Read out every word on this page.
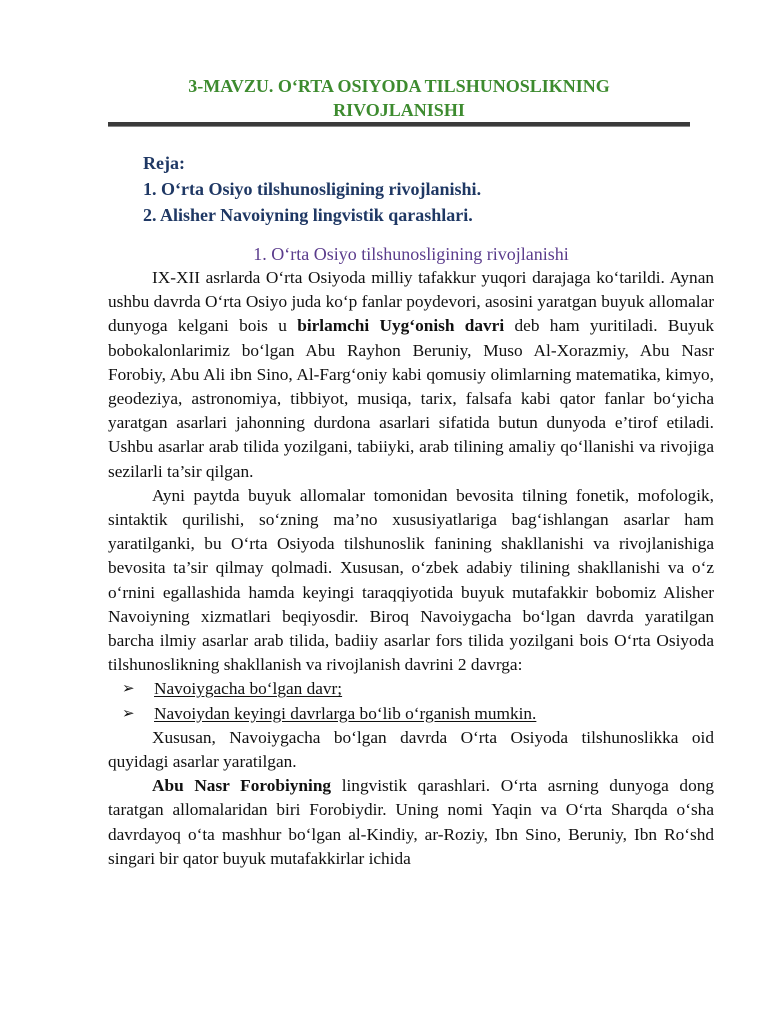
3-MAVZU. O‘RTA OSIYODA TILSHUNOSLIKNING
RIVOJLANISHI
Reja:
1. O‘rta Osiyo tilshunosligining rivojlanishi.
2. Alisher Navoiyning lingvistik qarashlari.
1. O‘rta Osiyo tilshunosligining rivojlanishi

IX-XII asrlarda O‘rta Osiyoda milliy tafakkur yuqori darajaga ko‘tarildi. Aynan ushbu davrda O‘rta Osiyo juda ko‘p fanlar poydevori, asosini yaratgan buyuk allomalar dunyoga kelgani bois u birlamchi Uyg‘onish davri deb ham yuritiladi. Buyuk bobokalonlarimiz bo‘lgan Abu Rayhon Beruniy, Muso Al-Xorazmiy, Abu Nasr Forobiy, Abu Ali ibn Sino, Al-Farg‘oniy kabi qomusiy olimlarning matematika, kimyo, geodeziya, astronomiya, tibbiyot, musiqa, tarix, falsafa kabi qator fanlar bo‘yicha yaratgan asarlari jahonning durdona asarlari sifatida butun dunyoda e’tirof etiladi. Ushbu asarlar arab tilida yozilgani, tabiiyki, arab tilining amaliy qo‘llanishi va rivojiga sezilarli ta’sir qilgan.

Ayni paytda buyuk allomalar tomonidan bevosita tilning fonetik, mofologik, sintaktik qurilishi, so‘zning ma’no xususiyatlariga bag‘ishlangan asarlar ham yaratilganki, bu O‘rta Osiyoda tilshunoslik fanining shakllanishi va rivojlanishiga bevosita ta’sir qilmay qolmadi. Xususan, o‘zbek adabiy tilining shakllanishi va o‘z o‘rnini egallashida hamda keyingi taraqqiyotida buyuk mutafakkir bobomiz Alisher Navoiyning xizmatlari beqiyosdir. Biroq Navoiygacha bo‘lgan davrda yaratilgan barcha ilmiy asarlar arab tilida, badiiy asarlar fors tilida yozilgani bois O‘rta Osiyoda tilshunoslikning shakllanish va rivojlanish davrini 2 davrga:

➢ Navoiygacha bo‘lgan davr;
➢ Navoiydan keyingi davrlarga bo‘lib o‘rganish mumkin.

Xususan, Navoiygacha bo‘lgan davrda O‘rta Osiyoda tilshunoslikka oid quyidagi asarlar yaratilgan.

Abu Nasr Forobiyning lingvistik qarashlari. O‘rta asrning dunyoga dong taratgan allomalaridan biri Forobiydir. Uning nomi Yaqin va O‘rta Sharqda o‘sha davrdayoq o‘ta mashhur bo‘lgan al-Kindiy, ar-Roziy, Ibn Sino, Beruniy, Ibn Ro‘shd singari bir qator buyuk mutafakkirlar ichida
